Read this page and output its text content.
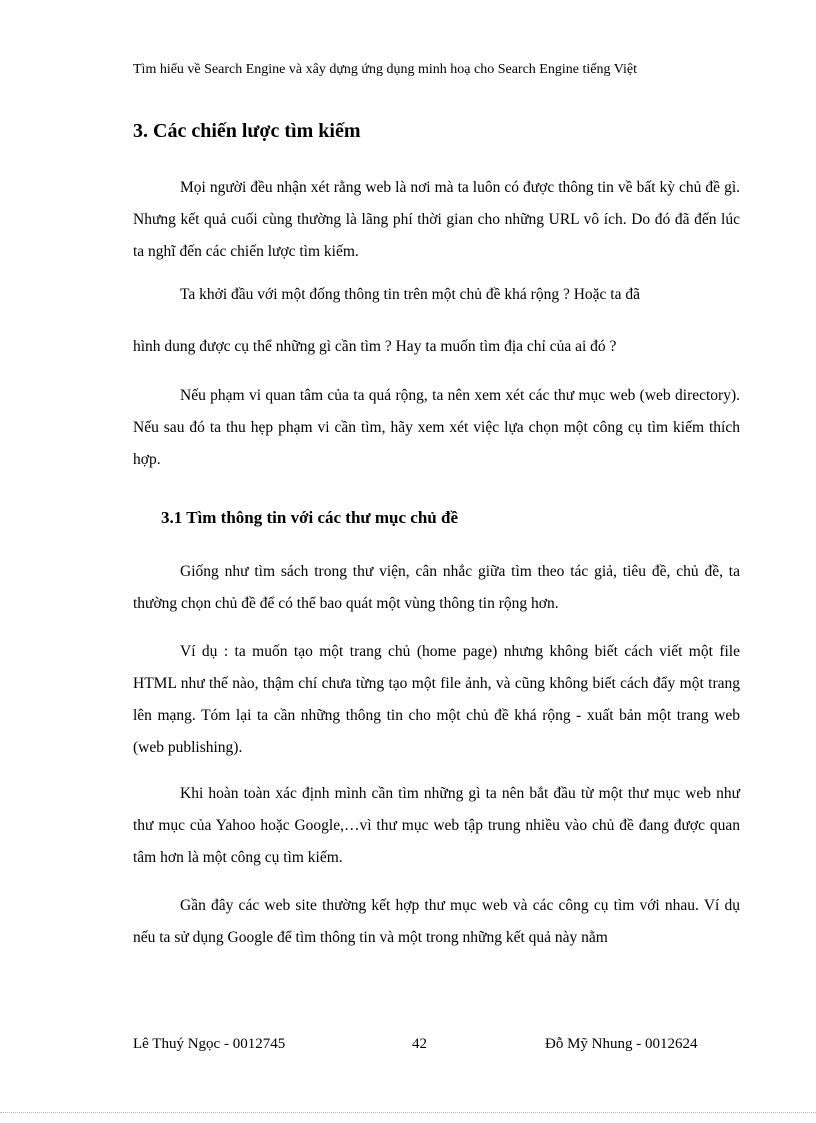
Tìm hiểu về Search Engine và xây dựng ứng dụng minh hoạ cho Search Engine tiếng Việt
3. Các chiến lược tìm kiếm
Mọi người đều nhận xét rằng web là nơi mà ta luôn có được thông tin về bất kỳ chủ đề gì. Nhưng kết quả cuối cùng thường là lãng phí thời gian cho những URL vô ích. Do đó đã đến lúc ta nghĩ đến các chiến lược tìm kiếm.
Ta khởi đầu với một đống thông tin trên một chủ đề khá rộng ? Hoặc ta đã
hình dung được cụ thể những gì cần tìm ? Hay ta muốn tìm địa chỉ của ai đó ?
Nếu phạm vi quan tâm của ta quá rộng, ta nên xem xét các thư mục web (web directory). Nếu sau đó ta thu hẹp phạm vi cần tìm, hãy xem xét việc lựa chọn một công cụ tìm kiếm thích hợp.
3.1 Tìm thông tin với các thư mục chủ đề
Giống như tìm sách trong thư viện, cân nhắc giữa tìm theo tác giả, tiêu đề, chủ đề, ta thường chọn chủ đề để có thể bao quát một vùng thông tin rộng hơn.
Ví dụ : ta muốn tạo một trang chủ (home page) nhưng không biết cách viết một file HTML như thế nào, thậm chí chưa từng tạo một file ảnh, và cũng không biết cách đẩy một trang lên mạng. Tóm lại ta cần những thông tin cho một chủ đề khá rộng - xuất bản một trang web (web publishing).
Khi hoàn toàn xác định mình cần tìm những gì ta nên bắt đầu từ một thư mục web như thư mục của Yahoo hoặc Google,…vì thư mục web tập trung nhiều vào chủ đề đang được quan tâm hơn là một công cụ tìm kiếm.
Gần đây các web site thường kết hợp thư mục web và các công cụ tìm với nhau. Ví dụ nếu ta sử dụng Google để tìm thông tin và một trong những kết quả này nằm
Lê Thuý Ngọc - 0012745	42	Đỗ Mỹ Nhung - 0012624
